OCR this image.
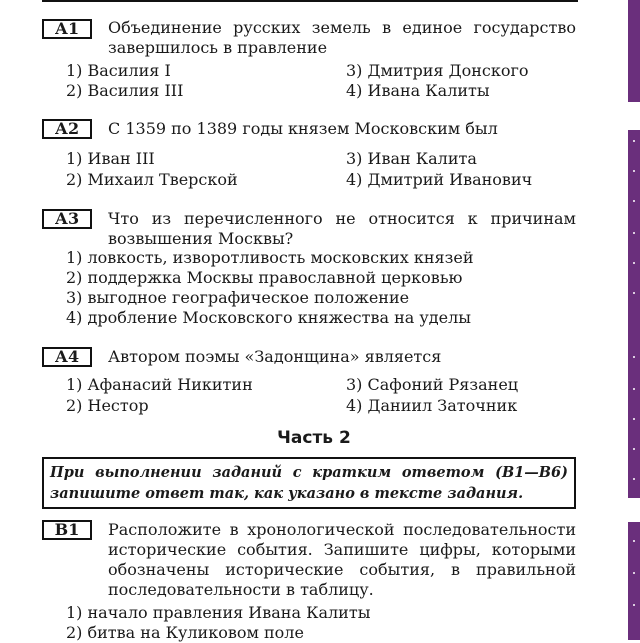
А1	Объединение русских земель в единое государство завершилось в правление
1) Василия I
2) Василия III
3) Дмитрия Донского
4) Ивана Калиты
А2	С 1359 по 1389 годы князем Московским был
1) Иван III
2) Михаил Тверской
3) Иван Калита
4) Дмитрий Иванович
А3	Что из перечисленного не относится к причинам возвышения Москвы?
1) ловкость, изворотливость московских князей
2) поддержка Москвы православной церковью
3) выгодное географическое положение
4) дробление Московского княжества на уделы
А4	Автором поэмы «Задонщина» является
1) Афанасий Никитин
2) Нестор
3) Сафоний Рязанец
4) Даниил Заточник
Часть 2
При выполнении заданий с кратким ответом (В1—В6) запишите ответ так, как указано в тексте задания.
В1	Расположите в хронологической последовательности исторические события. Запишите цифры, которыми обозначены исторические события, в правильной последовательности в таблицу.
1) начало правления Ивана Калиты
2) битва на Куликовом поле
